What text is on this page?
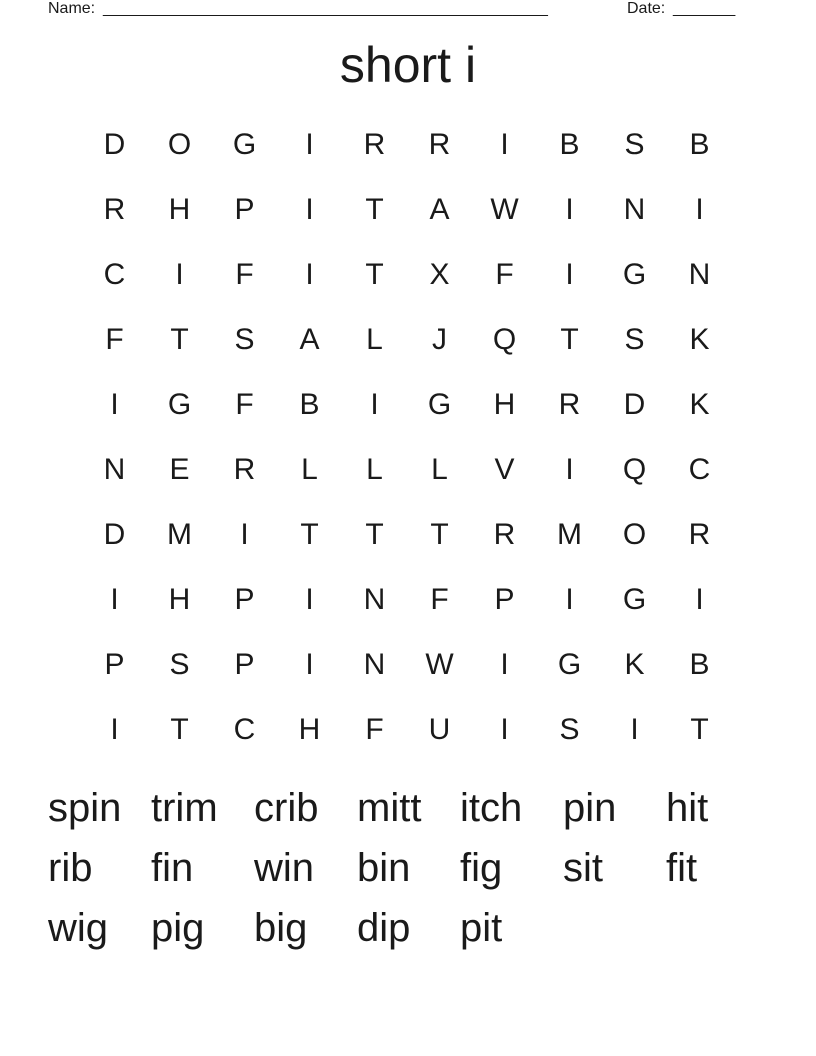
Name: __________________________________________________	Date: _______
short i
D	O	G	I	R	R	I	B	S	B
R	H	P	I	T	A	W	I	N	I
C	I	F	I	T	X	F	I	G	N
F	T	S	A	L	J	Q	T	S	K
I	G	F	B	I	G	H	R	D	K
N	E	R	L	L	L	V	I	Q	C
D	M	I	T	T	T	R	M	O	R
I	H	P	I	N	F	P	I	G	I
P	S	P	I	N	W	I	G	K	B
I	T	C	H	F	U	I	S	I	T
spin trim crib mitt itch	pin	hit
rib	fin	win	bin	fig	sit	fit
wig	pig	big	dip	pit
